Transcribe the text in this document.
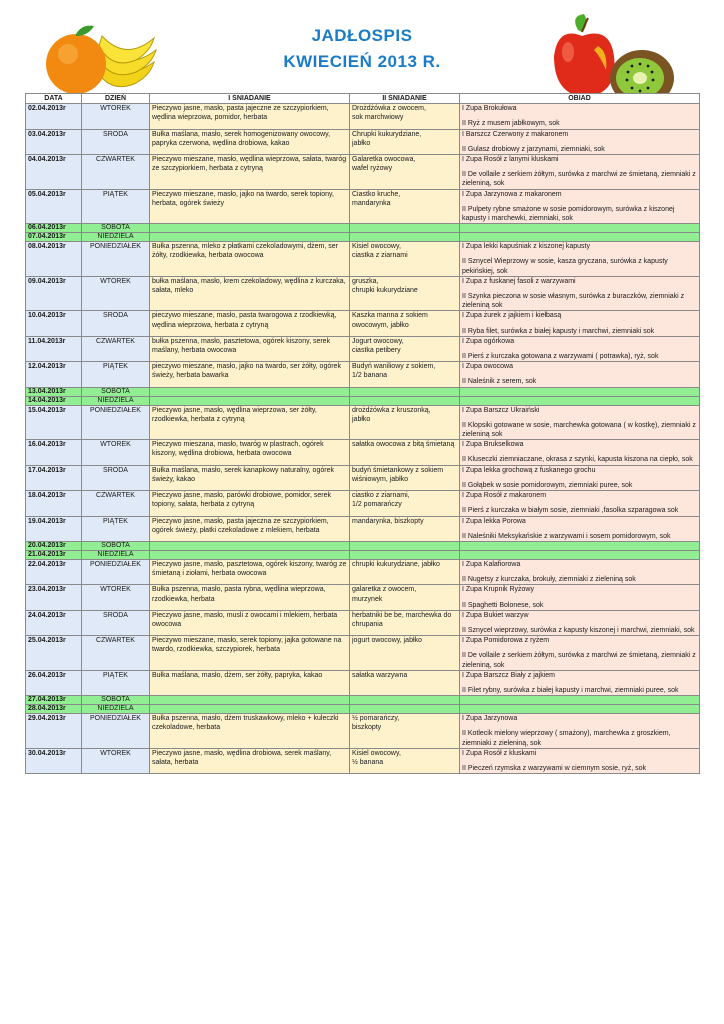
JADŁOSPIS
KWIECIEŃ 2013 R.
DATA	DZIEŃ	I ŚNIADANIE	II ŚNIADANIE	OBIAD
02.04.2013r	WTOREK	Pieczywo jasne, masło, pasta jajeczne ze szczypiorkiem, wędlina wieprzowa, pomidor, herbata	Drożdżówka z owocem,
sok marchwiowy	I Zupa Brokułowa
II Ryż z musem jabłkowym, sok

03.04.2013r	ŚRODA	Bułka maślana, masło, serek homogenizowany owocowy, papryka czerwona, wędlina drobiowa, kakao	Chrupki kukurydziane,
jabłko	I Barszcz Czerwony z makaronem
II Gulasz drobiowy z jarzynami, ziemniaki, sok

04.04.2013r	CZWARTEK	Pieczywo mieszane, masło, wędlina wieprzowa, sałata, twaróg ze szczypiorkiem, herbata z cytryną	Galaretka owocowa,
wafel ryżowy	I Zupa Rosół z lanymi kluskami
II De vollaile z serkiem żółtym, surówka z marchwi ze śmietaną, ziemniaki z zieleniną, sok

05.04.2013r	PIĄTEK	Pieczywo mieszane, masło, jajko na twardo, serek topiony, herbata, ogórek świeży	Ciastko kruche,
mandarynka	I Zupa Jarzynowa z makaronem
II Pulpety rybne smażone w sosie pomidorowym, surówka z kiszonej kapusty i marchewki, ziemniaki, sok

06.04.2013r	SOBOTA			
07.04.2013r	NIEDZIELA			
08.04.2013r	PONIEDZIAŁEK	Bułka pszenna, mleko z płatkami czekoladowymi, dżem, ser żółty, rzodkiewka, herbata owocowa	Kisiel owocowy,
ciastka z ziarnami	I Zupa lekki kapuśniak z kiszonej kapusty
II Sznycel Wieprzowy w sosie, kasza gryczana, surówka z kapusty pekińskiej, sok

09.04.2013r	WTOREK	bułka maślana, masło, krem czekoladowy, wędlina z kurczaka, sałata, mleko	gruszka,
chrupki kukurydziane	I Zupa z fuskanej fasoli z warzywami
II Szynka pieczona w sosie własnym, surówka z buraczków, ziemniaki z zieleniną sok

10.04.2013r	ŚRODA	pieczywo mieszane, masło, pasta twarogowa z rzodkiewką, wędlina wieprzowa, herbata z cytryną	Kaszka manna z sokiem owocowym, jabłko	I Zupa żurek z jajkiem i kiełbasą
II Ryba filet, surówka z białej kapusty i marchwi, ziemniaki sok

11.04.2013r	CZWARTEK	bułka pszenna, masło, pasztetowa, ogórek kiszony, serek maślany, herbata owocowa	Jogurt owocowy,
ciastka petibery	I Zupa ogórkowa
II Pierś z kurczaka gotowana z warzywami ( potrawka), ryż, sok

12.04.2013r	PIĄTEK	pieczywo mieszane, masło, jajko na twardo, ser żółty, ogórek świeży, herbata bawarka	Budyń waniliowy z sokiem,
1/2 banana	I Zupa owocowa
II Naleśnik z serem, sok

13.04.2013r	SOBOTA			
14.04.2013r	NIEDZIELA			
15.04.2013r	PONIEDZIAŁEK	Pieczywo jasne, masło, wędlina wieprzowa, ser żółty, rzodkiewka, herbata z cytryną	drożdżówka z kruszonką,
jabłko	I Zupa Barszcz Ukraiński
II Klopsiki gotowane w sosie, marchewka gotowana ( w kostkę), ziemniaki z zieleniną sok

16.04.2013r	WTOREK	Pieczywo mieszana, masło, twaróg w plastrach, ogórek kiszony, wędlina drobiowa, herbata owocowa	sałatka owocowa z bitą śmietaną	I Zupa Brukselkowa
II Kluseczki ziemniaczane, okrasa z szynki, kapusta kiszona na ciepło, sok

17.04.2013r	ŚRODA	Bułka maślana, masło, serek kanapkowy naturalny, ogórek świeży, kakao	budyń śmietankowy z sokiem wiśniowym, jabłko	I Zupa lekka grochową z fuskanego grochu
II Gołąbek w sosie pomidorowym, ziemniaki puree, sok

18.04.2013r	CZWARTEK	Pieczywo jasne, masło, parówki drobiowe, pomidor, serek topiony, sałata, herbata z cytryną	ciastko z ziarnami,
1/2 pomarańczy	I Zupa Rosół z makaronem
II Pierś z kurczaka w białym sosie, ziemniaki ,fasolka szparagowa sok

19.04.2013r	PIĄTEK	Pieczywo jasne, masło, pasta jajeczna ze szczypiorkiem, ogórek świeży, płatki czekoladowe z mlekiem, herbata	mandarynka, biszkopty	I Zupa lekka Porowa
II Naleśniki Meksykańskie z warzywami i sosem pomidorowym, sok

20.04.2013r	SOBOTA			
21.04.2013r	NIEDZIELA			
22.04.2013r	PONIEDZIAŁEK	Pieczywo jasne, masło, pasztetowa, ogórek kiszony, twaróg ze śmietaną i ziołami, herbata owocowa	chrupki kukurydziane, jabłko	I Zupa Kalafiorowa
II Nugetsy z kurczaka, brokuły, ziemniaki z zieleniną sok

23.04.2013r	WTOREK	Bułka pszenna, masło, pasta rybna, wędlina wieprzowa, rzodkiewka, herbata	galaretka z owocem,
murzynek	I Zupa Krupnik Ryżowy
II Spaghetti Bolonese, sok

24.04.2013r	ŚRODA	Pieczywo jasne, masło, musli z owocami i mlekiem, herbata owocowa	herbatniki be be, marchewka do chrupania	I Zupa Bukiet warzyw
II Sznycel wieprzowy, surówka z kapusty kiszonej i marchwi, ziemniaki, sok

25.04.2013r	CZWARTEK	Pieczywo mieszane, masło, serek topiony, jajka gotowane na twardo, rzodkiewka, szczypiorek, herbata	jogurt owocowy, jabłko	I Zupa Pomidorowa z ryżem
II De vollaile z serkiem żółtym, surówka z marchwi ze śmietaną, ziemniaki z zieleniną, sok

26.04.2013r	PIĄTEK	Bułka maślana, masło, dżem, ser żółty, papryka, kakao	sałatka warzywna	I Zupa Barszcz Biały z jajkiem
II Filet rybny, surówka z białej kapusty i marchwi, ziemniaki puree, sok

27.04.2013r	SOBOTA			
28.04.2013r	NIEDZIELA			
29.04.2013r	PONIEDZIAŁEK	Bułka pszenna, masło, dżem truskawkowy, mleko + kuleczki czekoladowe, herbata	½ pomarańczy,
biszkopty	I Zupa Jarzynowa
II Kotlecik mielony wieprzowy ( smażony), marchewka z groszkiem, ziemniaki z zieleniną, sok

30.04.2013r	WTOREK	Pieczywo jasne, masło, wędlina drobiowa, serek maślany, sałata, herbata	Kisiel owocowy,
½ banana	I Zupa Rosół z kluskami
II Pieczeń rzymska z warzywami w ciemnym sosie, ryż, sok
